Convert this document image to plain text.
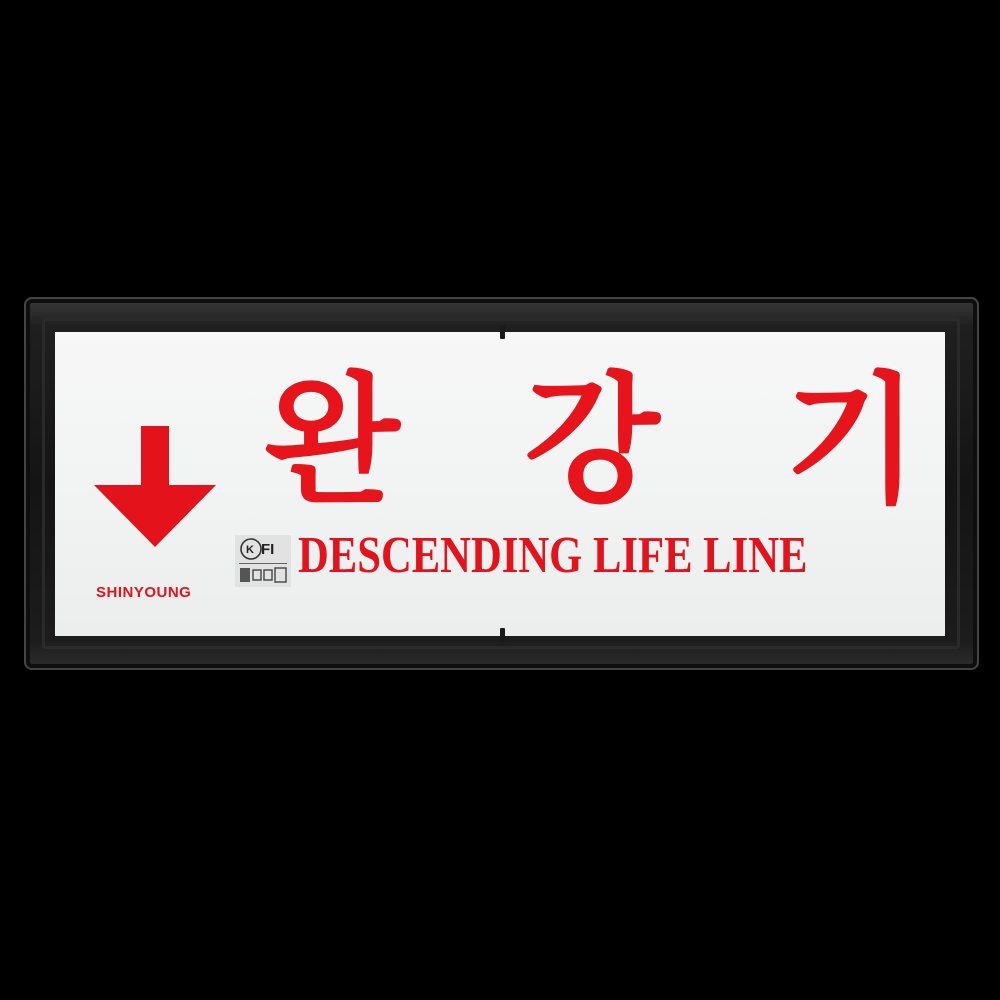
SHINYOUNG
완 강 기
K FI DESCENDING LIFE LINE
